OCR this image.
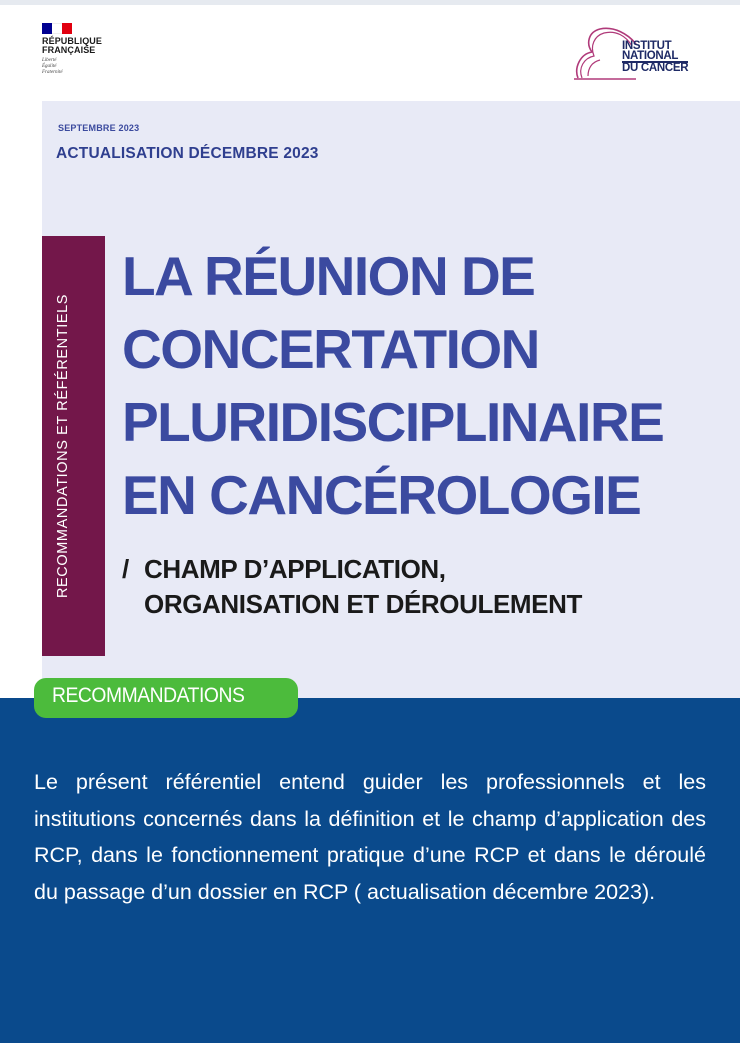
RÉPUBLIQUE
FRANÇAISE
Liberté
Égalité
Fraternité
INSTITUT
NATIONAL
DU CANCER
SEPTEMBRE 2023
ACTUALISATION DÉCEMBRE 2023
RECOMMANDATIONS ET RÉFÉRENTIELS
LA RÉUNION DE
CONCERTATION
PLURIDISCIPLINAIRE
EN CANCÉROLOGIE
/ CHAMP D’APPLICATION,
ORGANISATION ET DÉROULEMENT
RECOMMANDATIONS

Le présent référentiel entend guider les professionnels et les institutions concernés dans la définition et le champ d’application des RCP, dans le fonctionnement pratique d’une RCP et dans le déroulé du passage d’un dossier en RCP ( actualisation décembre 2023).
